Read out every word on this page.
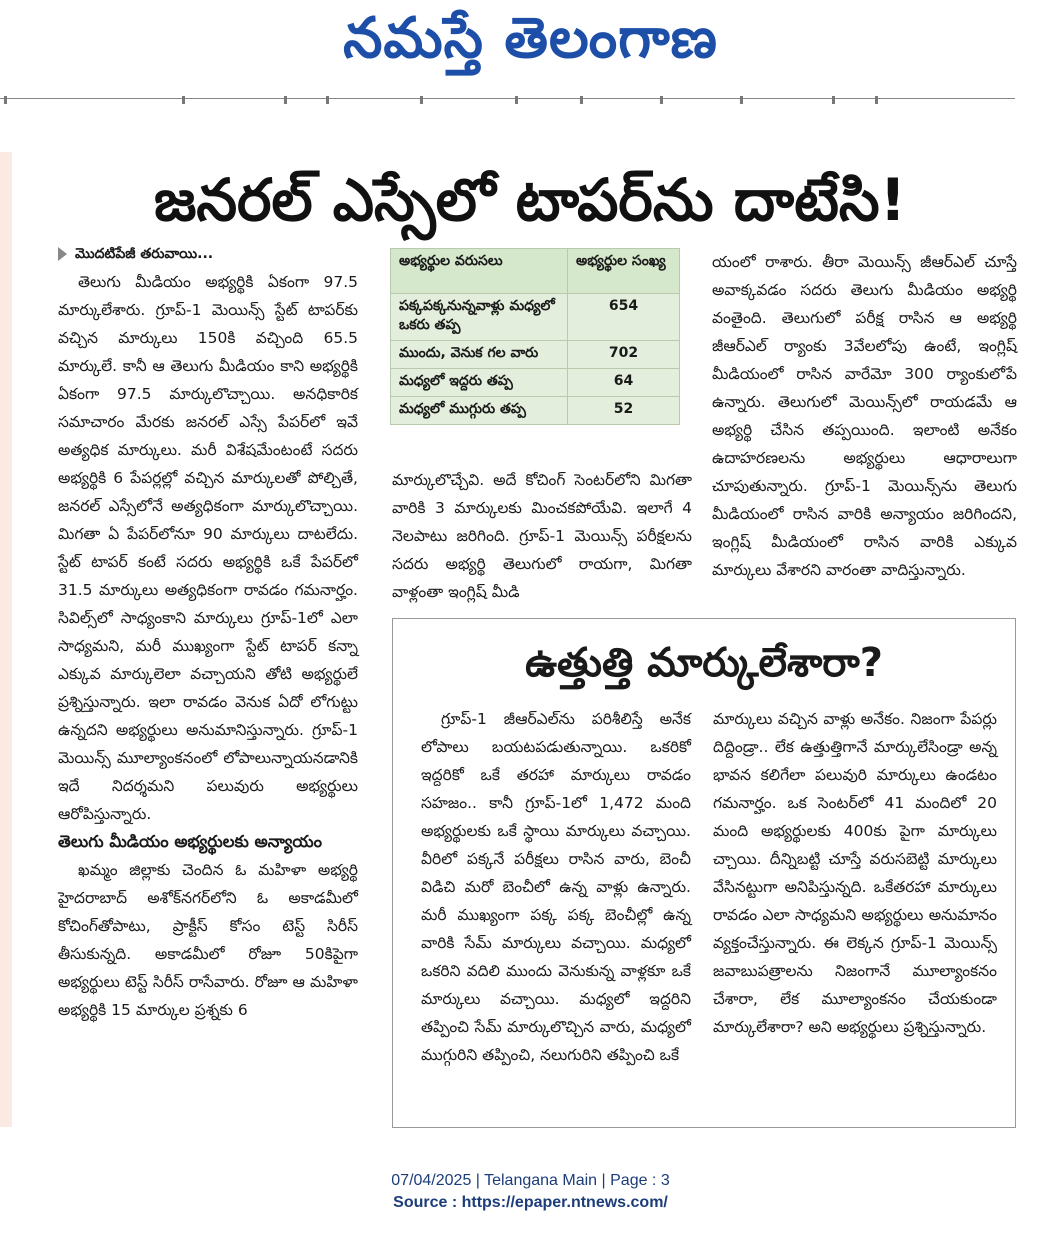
నమస్తే తెలంగాణ
జనరల్ ఎస్సేలో టాపర్‌ను దాటేసి!

మొదటిపేజీ తరువాయి...

తెలుగు మీడియం అభ్యర్థికి ఏకంగా 97.5 మార్కులేశారు. గ్రూప్‌-1 మెయిన్స్‌ స్టేట్‌ టాపర్‌కు వచ్చిన మార్కులు 150కి వచ్చింది 65.5 మార్కులే. కానీ ఆ తెలుగు మీడియం కాని అభ్యర్థికి ఏకంగా 97.5 మార్కులొచ్చాయి. అనధికారిక సమాచారం మేరకు జనరల్‌ ఎస్సే పేపర్‌లో ఇవే అత్యధిక మార్కులు. మరీ విశేషమేంటంటే సదరు అభ్యర్థికి 6 పేపర్లల్లో వచ్చిన మార్కులతో పోల్చితే, జనరల్‌ ఎస్సేలోనే అత్యధికంగా మార్కులొచ్చాయి. మిగతా ఏ పేపర్‌లోనూ 90 మార్కులు దాటలేదు. స్టేట్‌ టాపర్‌ కంటే సదరు అభ్యర్థికి ఒకే పేపర్‌లో 31.5 మార్కులు అత్యధికంగా రావడం గమనార్హం. సివిల్స్‌లో సాధ్యంకాని మార్కులు గ్రూప్‌-1లో ఎలా సాధ్యమని, మరీ ముఖ్యంగా స్టేట్‌ టాపర్‌ కన్నా ఎక్కువ మార్కులెలా వచ్చాయని తోటి అభ్యర్థులే ప్రశ్నిస్తున్నారు. ఇలా రావడం వెనుక ఏదో లోగుట్టు ఉన్నదని అభ్యర్థులు అనుమానిస్తున్నారు. గ్రూప్‌-1 మెయిన్స్‌ మూల్యాంకనంలో లోపాలున్నాయనడానికి ఇదే నిదర్శమని పలువురు అభ్యర్థులు ఆరోపిస్తున్నారు.

తెలుగు మీడియం అభ్యర్థులకు అన్యాయం

ఖమ్మం జిల్లాకు చెందిన ఓ మహిళా అభ్యర్థి హైదరాబాద్‌ అశోక్‌నగర్‌లోని ఓ అకాడమీలో కోచింగ్‌తోపాటు, ప్రాక్టీస్‌ కోసం టెస్ట్‌ సిరీస్‌ తీసుకున్నది. అకాడమీలో రోజూ 50కిపైగా అభ్యర్థులు టెస్ట్‌ సిరీస్‌ రాసేవారు. రోజూ ఆ మహిళా అభ్యర్థికి 15 మార్కుల ప్రశ్నకు 6

అభ్యర్థుల వరుసలు	అభ్యర్థుల సంఖ్య
పక్కపక్కనున్నవాళ్లు మధ్యలో ఒకరు తప్ప	654
ముందు, వెనుక గల వారు	702
మధ్యలో ఇద్దరు తప్ప	64
మధ్యలో ముగ్గురు తప్ప	52

మార్కులొచ్చేవి. అదే కోచింగ్‌ సెంటర్‌లోని మిగతా వారికి 3 మార్కులకు మించకపోయేవి. ఇలాగే 4 నెలపాటు జరిగింది. గ్రూప్‌-1 మెయిన్స్‌ పరీక్షలను సదరు అభ్యర్థి తెలుగులో రాయగా, మిగతా వాళ్లంతా ఇంగ్లిష్‌ మీడి

యంలో రాశారు. తీరా మెయిన్స్‌ జీఆర్‌ఎల్‌ చూస్తే అవాక్కవడం సదరు తెలుగు మీడియం అభ్యర్థి వంతైంది. తెలుగులో పరీక్ష రాసిన ఆ అభ్యర్థి జీఆర్‌ఎల్‌ ర్యాంకు 3వేలలోపు ఉంటే, ఇంగ్లిష్‌ మీడియంలో రాసిన వారేమో 300 ర్యాంకులోపే ఉన్నారు. తెలుగులో మెయిన్స్‌లో రాయడమే ఆ అభ్యర్థి చేసిన తప్పయింది. ఇలాంటి అనేకం ఉదాహరణలను అభ్యర్థులు ఆధారాలుగా చూపుతున్నారు. గ్రూప్‌-1 మెయిన్స్‌ను తెలుగు మీడియంలో రాసిన వారికి అన్యాయం జరిగిందని, ఇంగ్లిష్‌ మీడియంలో రాసిన వారికి ఎక్కువ మార్కులు వేశారని వారంతా వాదిస్తున్నారు.

ఉత్తుత్తి మార్కులేశారా?

గ్రూప్‌-1 జీఆర్‌ఎల్‌ను పరిశీలిస్తే అనేక లోపాలు బయటపడుతున్నాయి. ఒకరికో ఇద్దరికో ఒకే తరహా మార్కులు రావడం సహజం.. కానీ గ్రూప్‌-1లో 1,472 మంది అభ్యర్థులకు ఒకే స్థాయి మార్కులు వచ్చాయి. వీరిలో పక్కనే పరీక్షలు రాసిన వారు, బెంచీ విడిచి మరో బెంచీలో ఉన్న వాళ్లు ఉన్నారు. మరీ ముఖ్యంగా పక్క పక్క బెంచీల్లో ఉన్న వారికి సేమ్‌ మార్కులు వచ్చాయి. మధ్యలో ఒకరిని వదిలి ముందు వెనుకున్న వాళ్లకూ ఒకే మార్కులు వచ్చాయి. మధ్యలో ఇద్దరిని తప్పించి సేమ్‌ మార్కులొచ్చిన వారు, మధ్యలో ముగ్గురిని తప్పించి, నలుగురిని తప్పించి ఒకే

మార్కులు వచ్చిన వాళ్లు అనేకం. నిజంగా పేపర్లు దిద్దిండ్రా.. లేక ఉత్తుత్తిగానే మార్కులేసిండ్రా అన్న భావన కలిగేలా పలువురి మార్కులు ఉండటం గమనార్హం. ఒక సెంటర్‌లో 41 మందిలో 20 మంది అభ్యర్థులకు 400కు పైగా మార్కులు చ్చాయి. దీన్నిబట్టి చూస్తే వరుసబెట్టి మార్కులు వేసినట్టుగా అనిపిస్తున్నది. ఒకేతరహా మార్కులు రావడం ఎలా సాధ్యమని అభ్యర్థులు అనుమానం వ్యక్తంచేస్తున్నారు. ఈ లెక్కన గ్రూప్‌-1 మెయిన్స్‌ జవాబుపత్రాలను నిజంగానే మూల్యాంకనం చేశారా, లేక మూల్యాంకనం చేయకుండా మార్కులేశారా? అని అభ్యర్థులు ప్రశ్నిస్తున్నారు.

07/04/2025 | Telangana Main | Page : 3
Source : https://epaper.ntnews.com/
